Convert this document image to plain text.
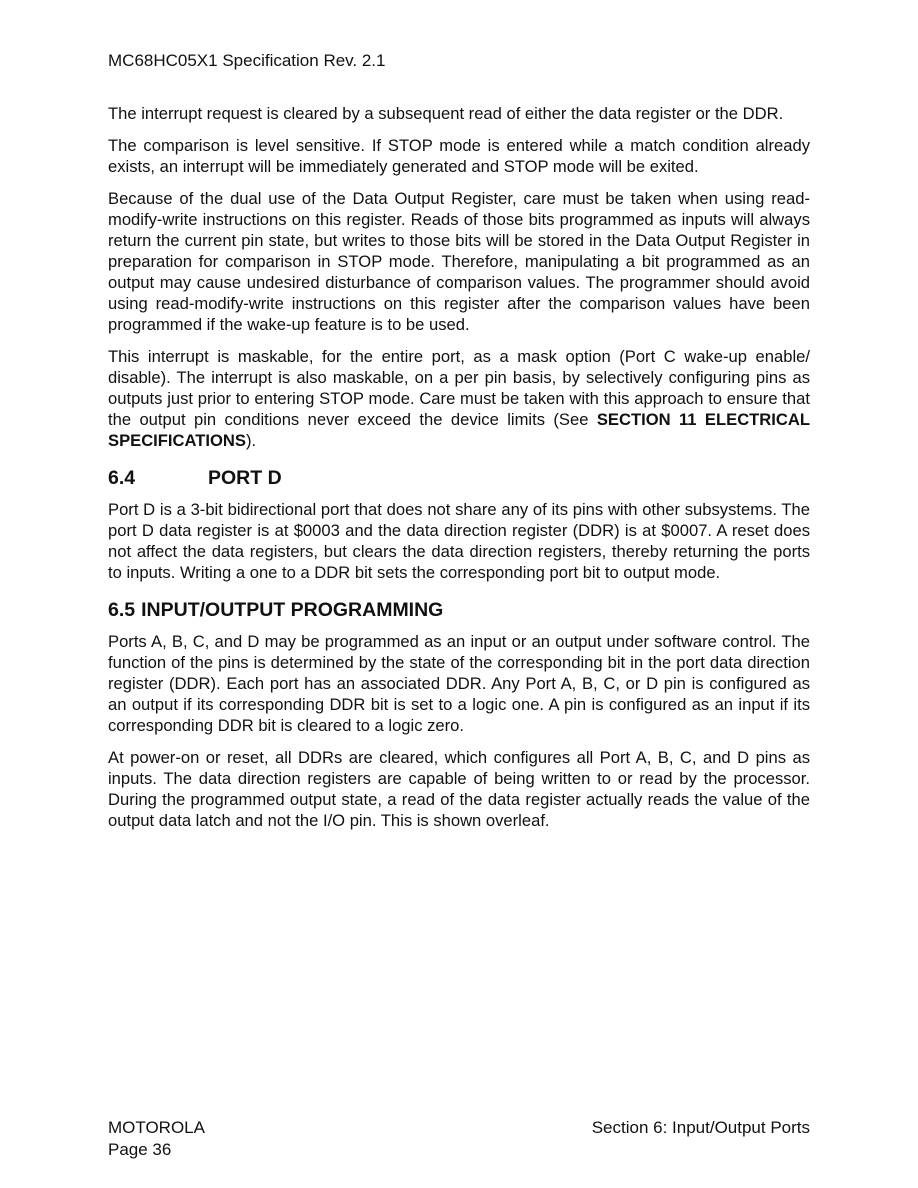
MC68HC05X1 Specification Rev. 2.1

The interrupt request is cleared by a subsequent read of either the data register or the DDR.

The comparison is level sensitive. If STOP mode is entered while a match condition already exists, an interrupt will be immediately generated and STOP mode will be exited.

Because of the dual use of the Data Output Register, care must be taken when using read-modify-write instructions on this register. Reads of those bits programmed as inputs will always return the current pin state, but writes to those bits will be stored in the Data Output Register in preparation for comparison in STOP mode. Therefore, manipulating a bit programmed as an output may cause undesired disturbance of comparison values. The programmer should avoid using read-modify-write instructions on this register after the comparison values have been programmed if the wake-up feature is to be used.

This interrupt is maskable, for the entire port, as a mask option (Port C wake-up enable/ disable). The interrupt is also maskable, on a per pin basis, by selectively configuring pins as outputs just prior to entering STOP mode. Care must be taken with this approach to ensure that the output pin conditions never exceed the device limits (See SECTION 11 ELECTRICAL SPECIFICATIONS).

6.4	PORT D

Port D is a 3-bit bidirectional port that does not share any of its pins with other subsystems. The port D data register is at $0003 and the data direction register (DDR) is at $0007. A reset does not affect the data registers, but clears the data direction registers, thereby returning the ports to inputs. Writing a one to a DDR bit sets the corresponding port bit to output mode.

6.5 INPUT/OUTPUT PROGRAMMING

Ports A, B, C, and D may be programmed as an input or an output under software control. The function of the pins is determined by the state of the corresponding bit in the port data direction register (DDR). Each port has an associated DDR. Any Port A, B, C, or D pin is configured as an output if its corresponding DDR bit is set to a logic one. A pin is configured as an input if its corresponding DDR bit is cleared to a logic zero.

At power-on or reset, all DDRs are cleared, which configures all Port A, B, C, and D pins as inputs. The data direction registers are capable of being written to or read by the processor. During the programmed output state, a read of the data register actually reads the value of the output data latch and not the I/O pin. This is shown overleaf.

MOTOROLA
Page 36
Section 6: Input/Output Ports
